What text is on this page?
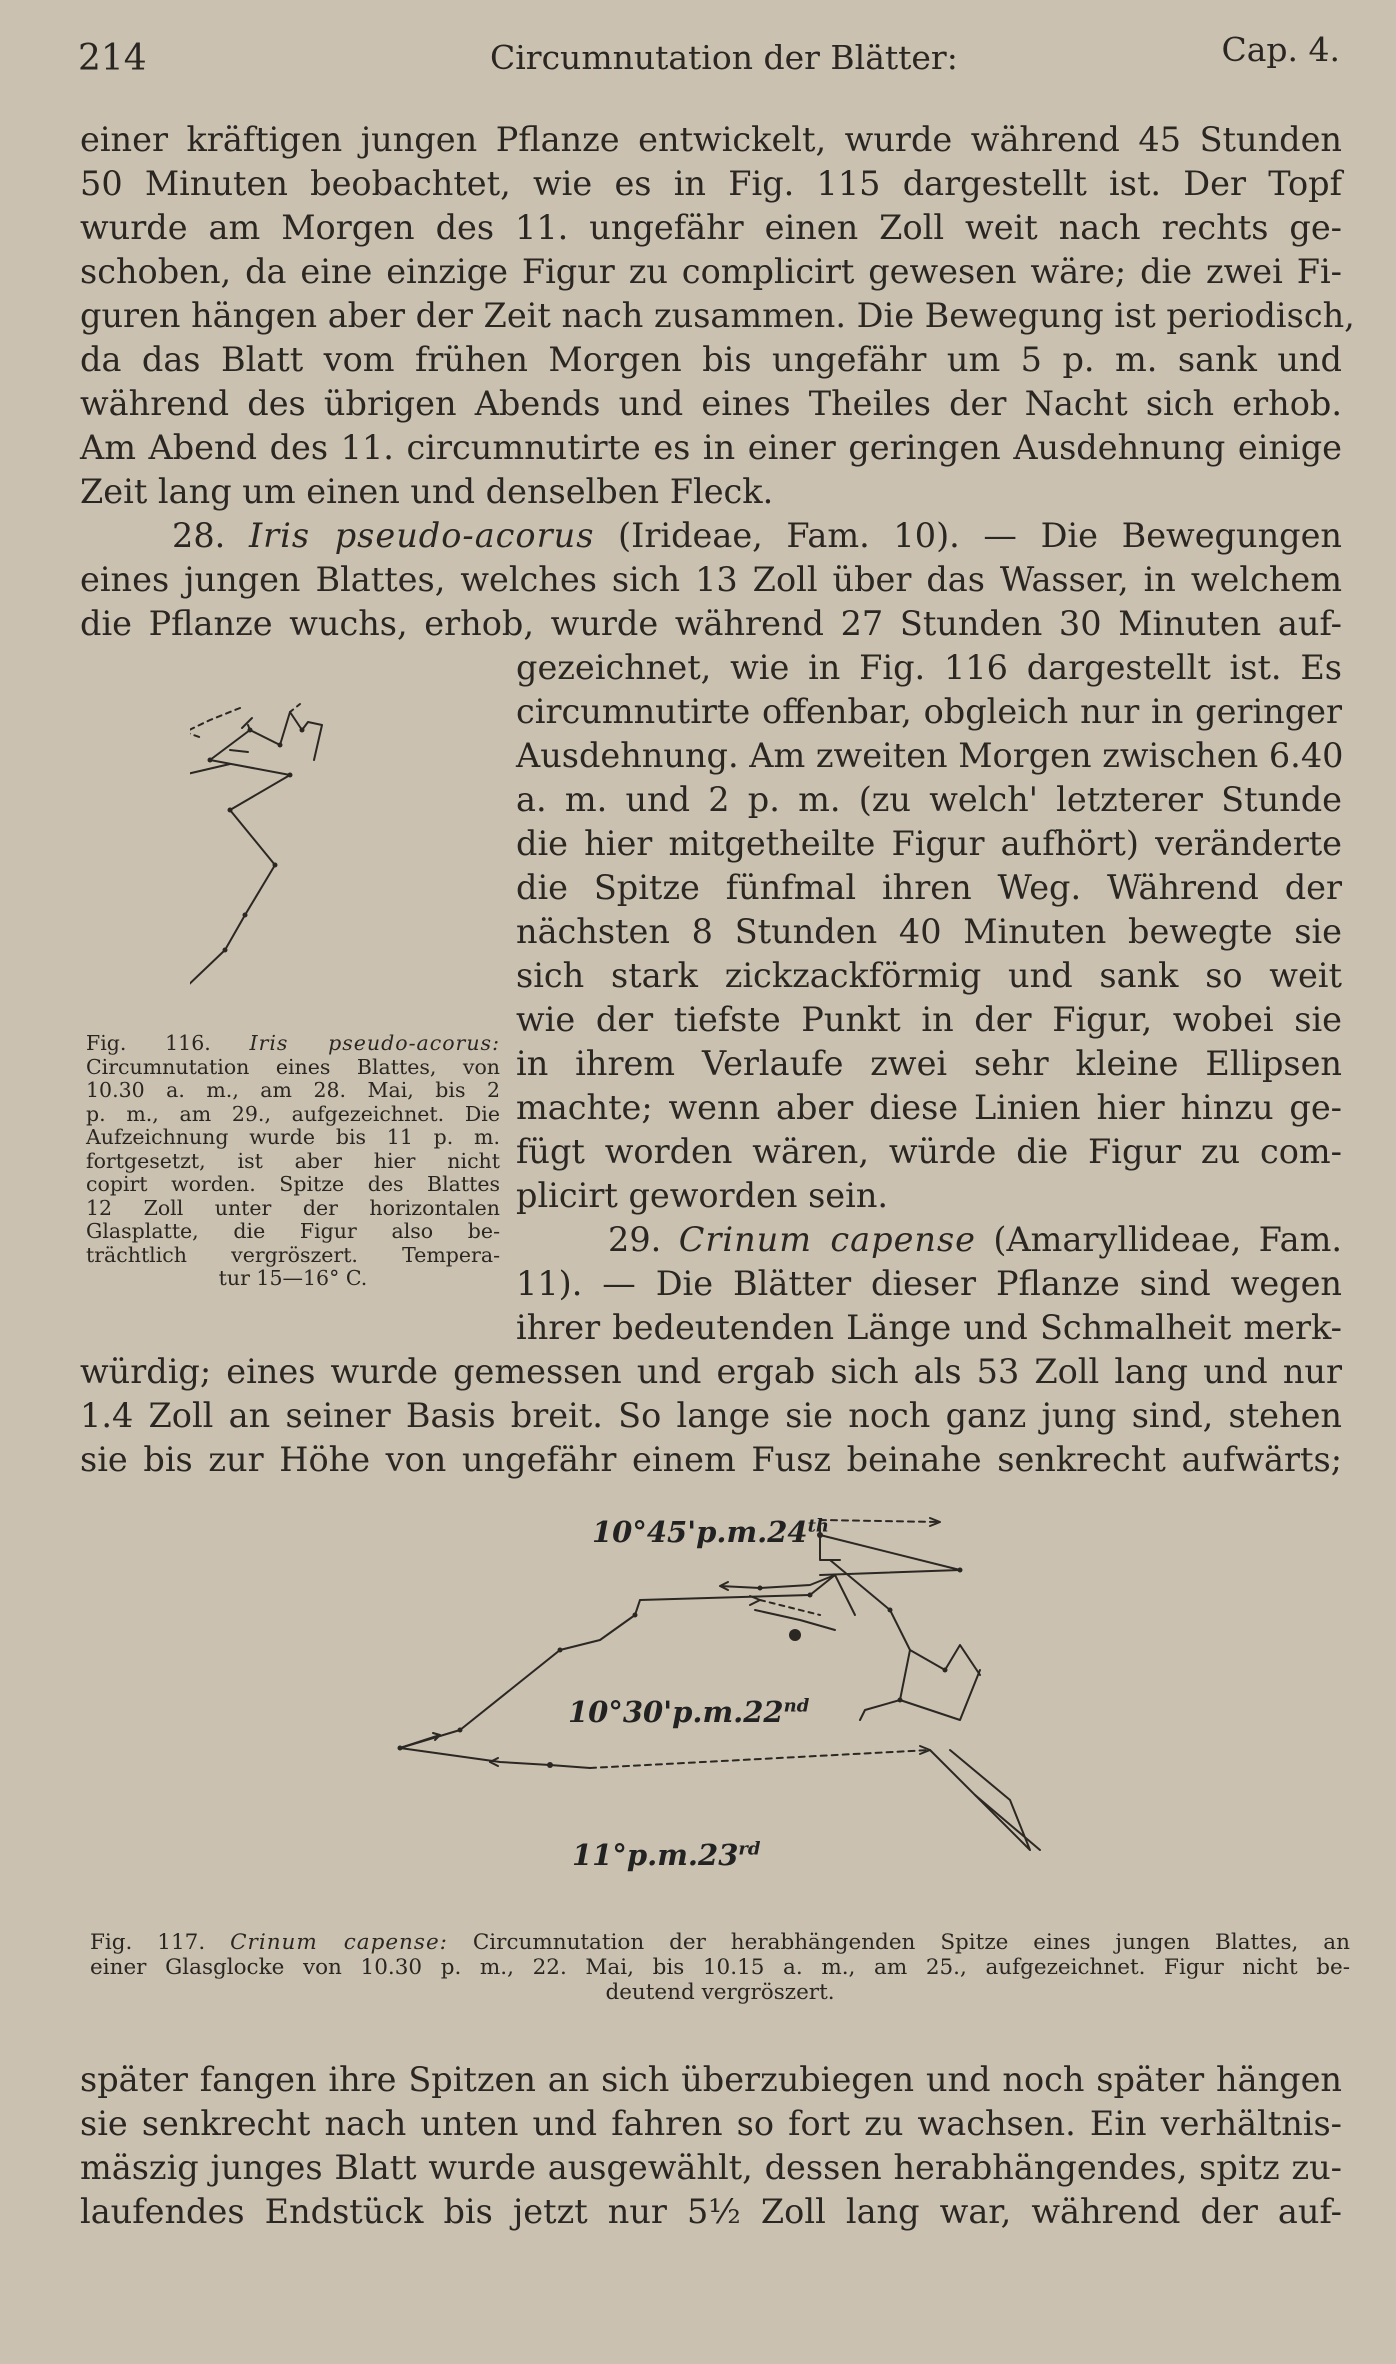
214	Circumnutation der Blätter:	Cap. 4.
einer kräftigen jungen Pflanze entwickelt, wurde während 45 Stunden
50 Minuten beobachtet, wie es in Fig. 115 dargestellt ist. Der Topf
wurde am Morgen des 11. ungefähr einen Zoll weit nach rechts ge-
schoben, da eine einzige Figur zu complicirt gewesen wäre; die zwei Fi-
guren hängen aber der Zeit nach zusammen. Die Bewegung ist periodisch,
da das Blatt vom frühen Morgen bis ungefähr um 5 p. m. sank und
während des übrigen Abends und eines Theiles der Nacht sich erhob.
Am Abend des 11. circumnutirte es in einer geringen Ausdehnung einige
Zeit lang um einen und denselben Fleck.
28. Iris pseudo-acorus (Irideae, Fam. 10). — Die Bewegungen
eines jungen Blattes, welches sich 13 Zoll über das Wasser, in welchem
die Pflanze wuchs, erhob, wurde während 27 Stunden 30 Minuten auf-
gezeichnet, wie in Fig. 116 dargestellt ist. Es
circumnutirte offenbar, obgleich nur in geringer
Ausdehnung. Am zweiten Morgen zwischen 6.40
a. m. und 2 p. m. (zu welch' letzterer Stunde
die hier mitgetheilte Figur aufhört) veränderte
die Spitze fünfmal ihren Weg. Während der
nächsten 8 Stunden 40 Minuten bewegte sie
sich stark zickzackförmig und sank so weit
wie der tiefste Punkt in der Figur, wobei sie
in ihrem Verlaufe zwei sehr kleine Ellipsen
machte; wenn aber diese Linien hier hinzu ge-
fügt worden wären, würde die Figur zu com-
plicirt geworden sein.
29. Crinum capense (Amaryllideae, Fam.
11). — Die Blätter dieser Pflanze sind wegen
ihrer bedeutenden Länge und Schmalheit merk-
würdig; eines wurde gemessen und ergab sich als 53 Zoll lang und nur
1.4 Zoll an seiner Basis breit. So lange sie noch ganz jung sind, stehen
sie bis zur Höhe von ungefähr einem Fusz beinahe senkrecht aufwärts;
Fig. 116. Iris pseudo-acorus:
Circumnutation eines Blattes, von
10.30 a. m., am 28. Mai, bis 2
p. m., am 29., aufgezeichnet. Die
Aufzeichnung wurde bis 11 p. m.
fortgesetzt, ist aber hier nicht
copirt worden. Spitze des Blattes
12 Zoll unter der horizontalen
Glasplatte, die Figur also be-
trächtlich vergröszert. Tempera-
tur 15—16° C.
10°45'p.m.24th
10°30'p.m.22nd
11°p.m.23rd
Fig. 117. Crinum capense: Circumnutation der herabhängenden Spitze eines jungen Blattes, an
einer Glasglocke von 10.30 p. m., 22. Mai, bis 10.15 a. m., am 25., aufgezeichnet. Figur nicht be-
deutend vergröszert.
später fangen ihre Spitzen an sich überzubiegen und noch später hängen
sie senkrecht nach unten und fahren so fort zu wachsen. Ein verhältnis-
mäszig junges Blatt wurde ausgewählt, dessen herabhängendes, spitz zu-
laufendes Endstück bis jetzt nur 5½ Zoll lang war, während der auf-
